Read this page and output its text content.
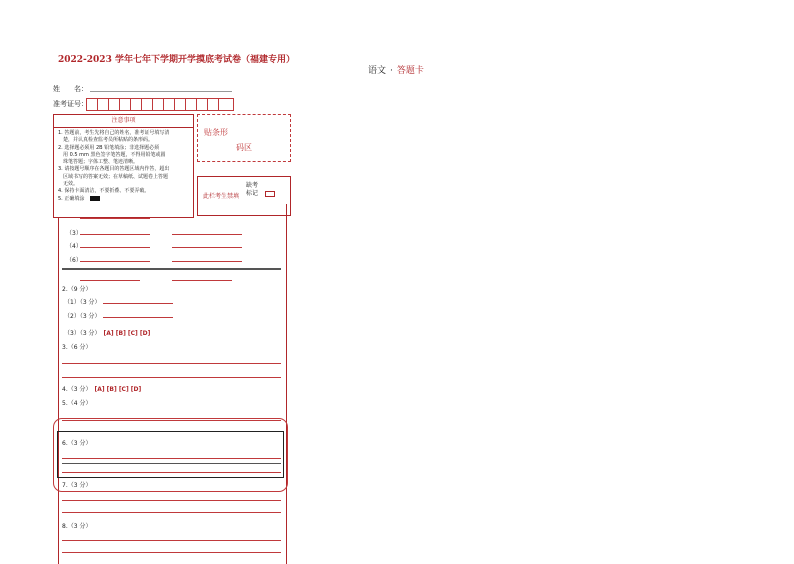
2022-2023 学年七年下学期开学摸底考试卷（福建专用）
语文 · 答题卡
姓　　名：
准考证号：
注意事项

1. 答题前，考生先将自己的姓名，准考证号填写清

　楚，并认真检查监考员所粘贴的条形码。

2. 选择题必须用 2B 铅笔填涂；非选择题必须

　用 0.5 mm 黑色签字笔答题，不得用铅笔或圆

　珠笔答题；字体工整、笔迹清晰。

3. 请按题号顺序在各题目的答题区域内作答，超出

　区域书写的答案无效；在草稿纸、试题卷上答题

　无效。

4. 保持卡面清洁，不要折叠、不要弄破。

5. 正确填涂

贴条形
码区
此栏考生禁填
缺考
标记
（3）
（4）
（6）
2.（9 分）
（1）（3 分）
（2）（3 分）
（3）（3 分） [A] [B] [C] [D]
3.（6 分）
4.（3 分） [A] [B] [C] [D]
5.（4 分）
6.（3 分）
7.（3 分）
8.（3 分）
